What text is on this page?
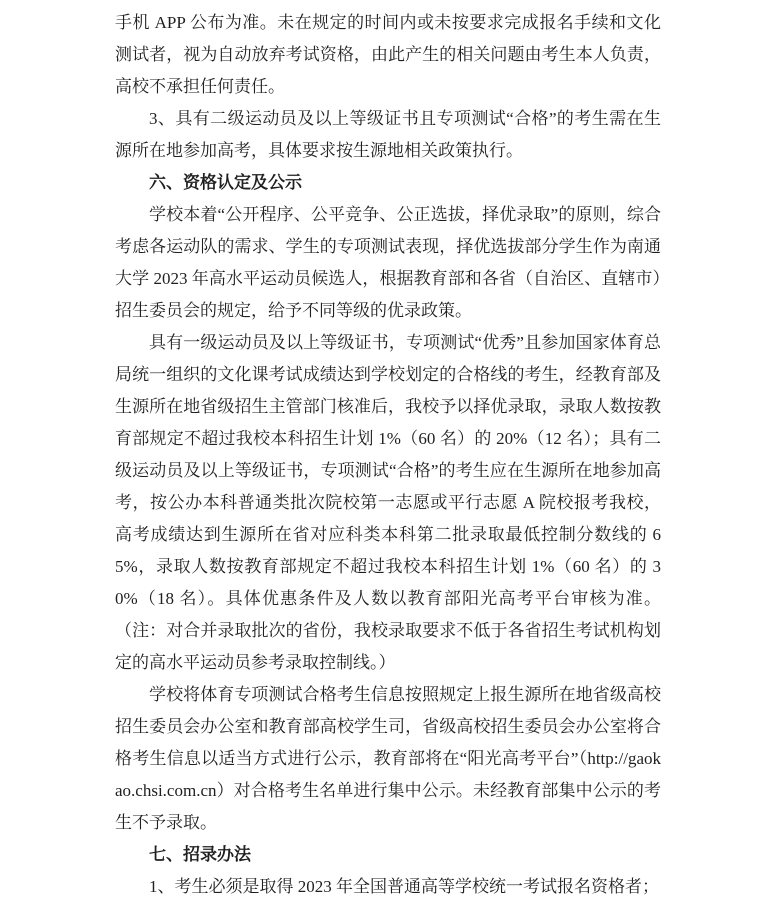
手机 APP 公布为准。未在规定的时间内或未按要求完成报名手续和文化测试者，视为自动放弃考试资格，由此产生的相关问题由考生本人负责，高校不承担任何责任。

3、具有二级运动员及以上等级证书且专项测试“合格”的考生需在生源所在地参加高考，具体要求按生源地相关政策执行。

六、资格认定及公示

学校本着“公开程序、公平竞争、公正选拔，择优录取”的原则，综合考虑各运动队的需求、学生的专项测试表现，择优选拔部分学生作为南通大学 2023 年高水平运动员候选人，根据教育部和各省（自治区、直辖市）招生委员会的规定，给予不同等级的优录政策。

具有一级运动员及以上等级证书，专项测试“优秀”且参加国家体育总局统一组织的文化课考试成绩达到学校划定的合格线的考生，经教育部及生源所在地省级招生主管部门核准后，我校予以择优录取，录取人数按教育部规定不超过我校本科招生计划 1%（60 名）的 20%（12 名）；具有二级运动员及以上等级证书，专项测试“合格”的考生应在生源所在地参加高考，按公办本科普通类批次院校第一志愿或平行志愿 A 院校报考我校，高考成绩达到生源所在省对应科类本科第二批录取最低控制分数线的 65%，录取人数按教育部规定不超过我校本科招生计划 1%（60 名）的 30%（18 名）。具体优惠条件及人数以教育部阳光高考平台审核为准。（注：对合并录取批次的省份，我校录取要求不低于各省招生考试机构划定的高水平运动员参考录取控制线。）

学校将体育专项测试合格考生信息按照规定上报生源所在地省级高校招生委员会办公室和教育部高校学生司，省级高校招生委员会办公室将合格考生信息以适当方式进行公示，教育部将在“阳光高考平台”（http://gaokao.chsi.com.cn）对合格考生名单进行集中公示。未经教育部集中公示的考生不予录取。

七、招录办法

1、考生必须是取得 2023 年全国普通高等学校统一考试报名资格者；
